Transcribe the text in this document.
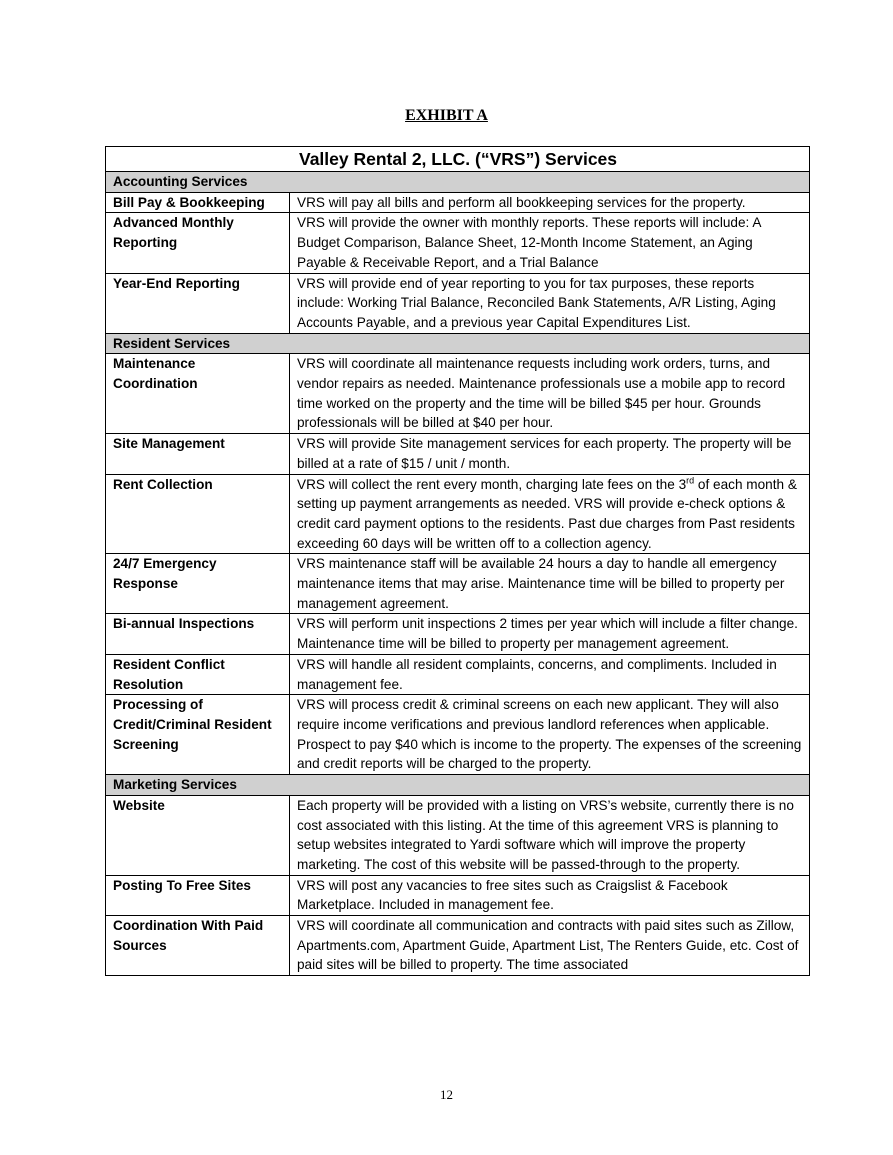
EXHIBIT A
Valley Rental 2, LLC. (“VRS”) Services	
Accounting Services	
Bill Pay & Bookkeeping	VRS will pay all bills and perform all bookkeeping services for the property.
Advanced Monthly Reporting	VRS will provide the owner with monthly reports. These reports will include: A Budget Comparison, Balance Sheet, 12-Month Income Statement, an Aging Payable & Receivable Report, and a Trial Balance
Year-End Reporting	VRS will provide end of year reporting to you for tax purposes, these reports include: Working Trial Balance, Reconciled Bank Statements, A/R Listing, Aging Accounts Payable, and a previous year Capital Expenditures List.
Resident Services	
Maintenance Coordination	VRS will coordinate all maintenance requests including work orders, turns, and vendor repairs as needed. Maintenance professionals use a mobile app to record time worked on the property and the time will be billed $45 per hour. Grounds professionals will be billed at $40 per hour.
Site Management	VRS will provide Site management services for each property. The property will be billed at a rate of $15 / unit / month.
Rent Collection	VRS will collect the rent every month, charging late fees on the 3rd of each month & setting up payment arrangements as needed. VRS will provide e-check options & credit card payment options to the residents. Past due charges from Past residents exceeding 60 days will be written off to a collection agency.
24/7 Emergency Response	VRS maintenance staff will be available 24 hours a day to handle all emergency maintenance items that may arise. Maintenance time will be billed to property per management agreement.
Bi-annual Inspections	VRS will perform unit inspections 2 times per year which will include a filter change. Maintenance time will be billed to property per management agreement.
Resident Conflict Resolution	VRS will handle all resident complaints, concerns, and compliments. Included in management fee.
Processing of Credit/Criminal Resident Screening	VRS will process credit & criminal screens on each new applicant. They will also require income verifications and previous landlord references when applicable. Prospect to pay $40 which is income to the property. The expenses of the screening and credit reports will be charged to the property.
Marketing Services	
Website	Each property will be provided with a listing on VRS’s website, currently there is no cost associated with this listing. At the time of this agreement VRS is planning to setup websites integrated to Yardi software which will improve the property marketing. The cost of this website will be passed-through to the property.
Posting To Free Sites	VRS will post any vacancies to free sites such as Craigslist & Facebook Marketplace. Included in management fee.
Coordination With Paid Sources	VRS will coordinate all communication and contracts with paid sites such as Zillow, Apartments.com, Apartment Guide, Apartment List, The Renters Guide, etc. Cost of paid sites will be billed to property. The time associated
12
